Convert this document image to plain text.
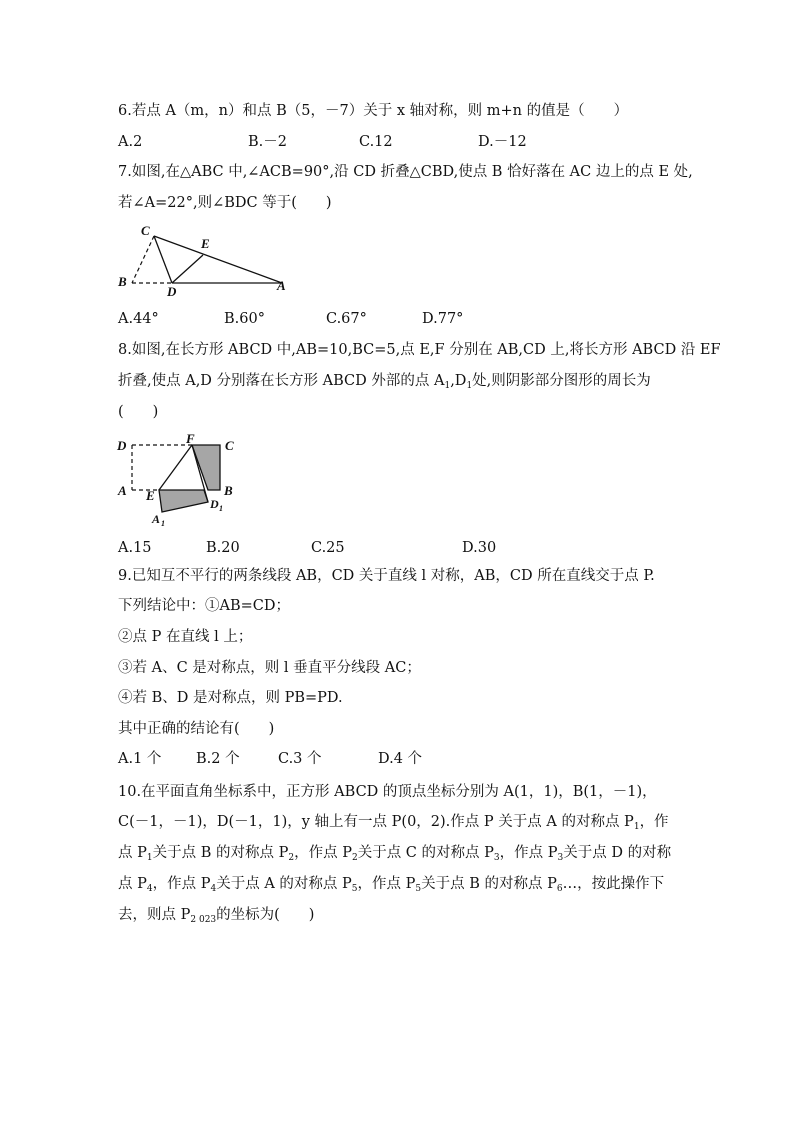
6.若点 A（m，n）和点 B（5，－7）关于 x 轴对称，则 m+n 的值是（　　）
A.2	B.－2	C.12	D.－12
7.如图,在△ABC 中,∠ACB=90°,沿 CD 折叠△CBD,使点 B 恰好落在 AC 边上的点 E 处,
若∠A=22°,则∠BDC 等于(　　)
C
E
B
D	A
A.44°	B.60°	C.67°	D.77°
8.如图,在长方形 ABCD 中,AB=10,BC=5,点 E,F 分别在 AB,CD 上,将长方形 ABCD 沿 EF
折叠,使点 A,D 分别落在长方形 ABCD 外部的点 $A_1,D_1$处,则阴影部分图形的周长为
(　　)
D	F C
A E	B
A 1
D 1
A.15	B.20	C.25	D.30
9.已知互不平行的两条线段 AB，CD 关于直线 l 对称，AB，CD 所在直线交于点 P.
下列结论中：①AB=CD；
②点 P 在直线 l 上；
③若 A、C 是对称点，则 l 垂直平分线段 AC；
④若 B、D 是对称点，则 PB=PD.
其中正确的结论有(　　)
A.1 个 B.2 个	C.3 个	D.4 个
10.在平面直角坐标系中，正方形 ABCD 的顶点坐标分别为 A(1，1)，B(1，－1)，
C(－1，－1)，D(－1，1)，y 轴上有一点 P(0，2).作点 P 关于点 A 的对称点 $P_1$，作
点 $P_1$关于点 B 的对称点 $P_2$，作点 $P_2$关于点 C 的对称点 $P_3$，作点 $P_3$关于点 D 的对称
点 $P_4$，作点 $P_4$关于点 A 的对称点 $P_5$，作点 $P_5$关于点 B 的对称点 $P_6\dots$，按此操作下
去，则点 $P_{2 023}$的坐标为(　　)
